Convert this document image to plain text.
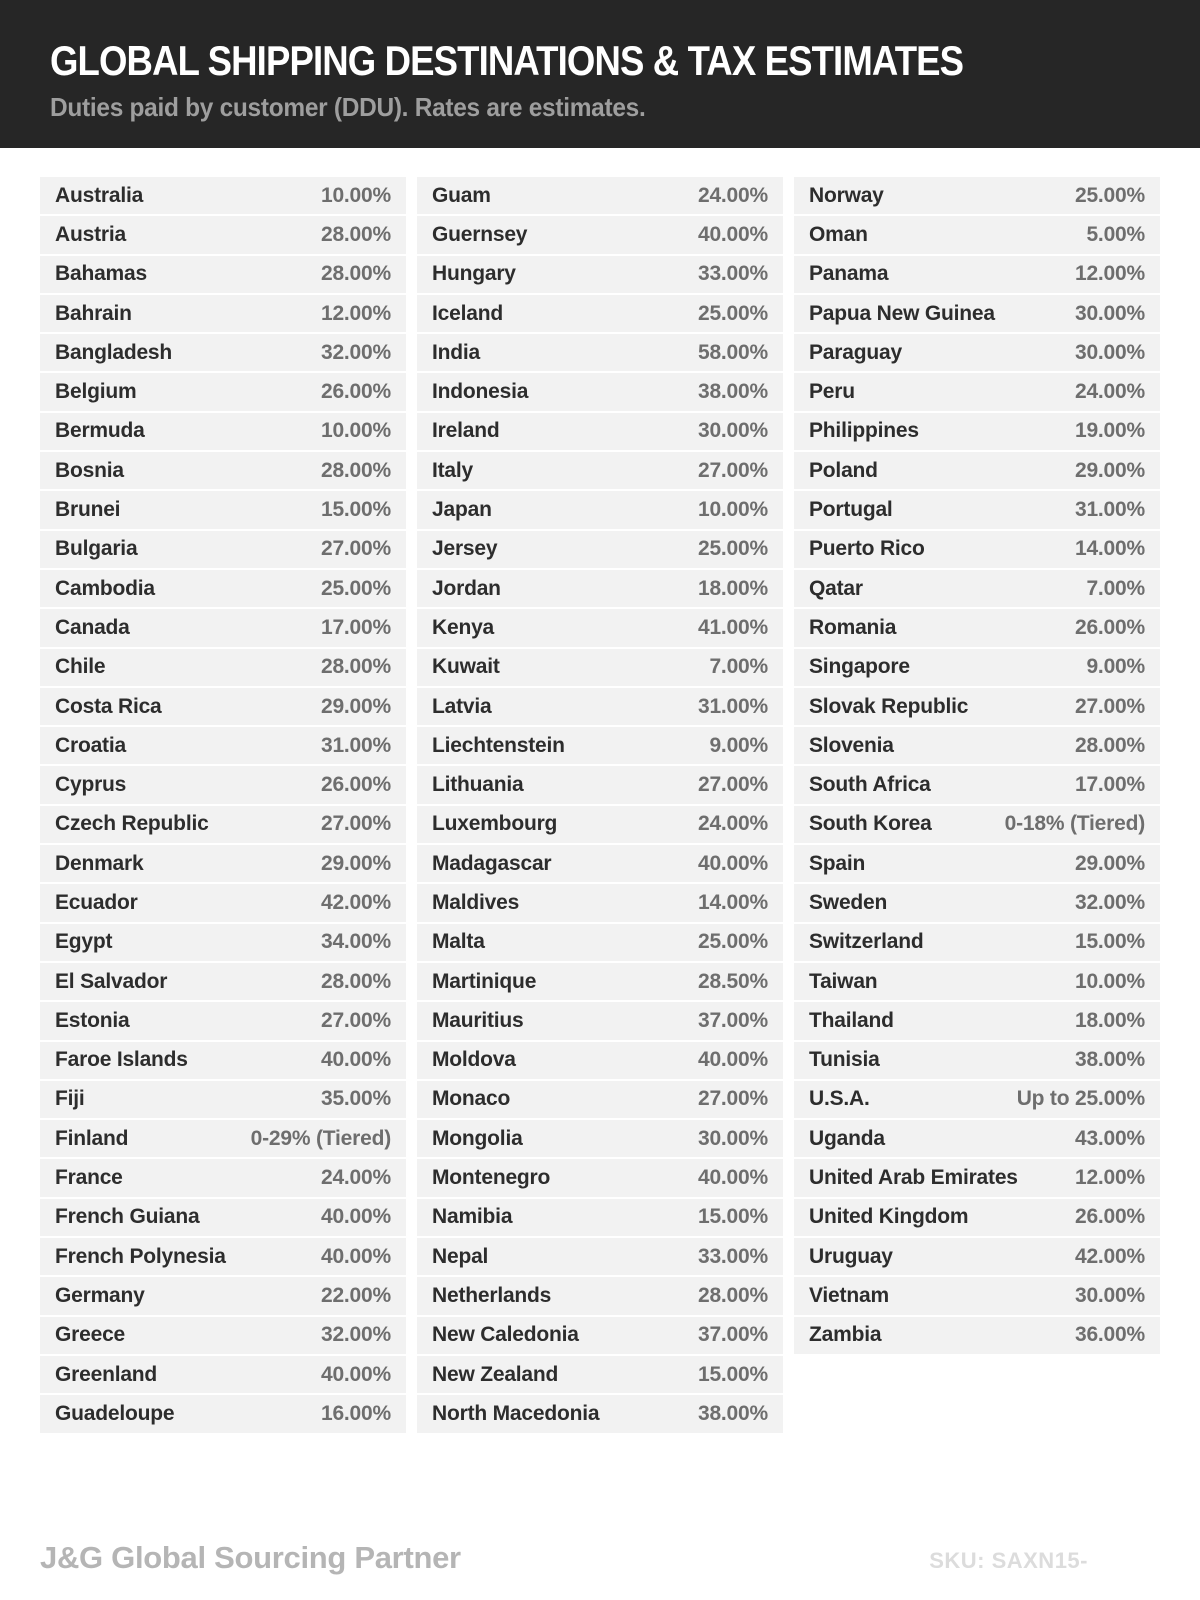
GLOBAL SHIPPING DESTINATIONS & TAX ESTIMATES
Duties paid by customer (DDU). Rates are estimates.
Australia	10.00%
Austria	28.00%
Bahamas	28.00%
Bahrain	12.00%
Bangladesh	32.00%
Belgium	26.00%
Bermuda	10.00%
Bosnia	28.00%
Brunei	15.00%
Bulgaria	27.00%
Cambodia	25.00%
Canada	17.00%
Chile	28.00%
Costa Rica	29.00%
Croatia	31.00%
Cyprus	26.00%
Czech Republic	27.00%
Denmark	29.00%
Ecuador	42.00%
Egypt	34.00%
El Salvador	28.00%
Estonia	27.00%
Faroe Islands	40.00%
Fiji	35.00%
Finland	0-29% (Tiered)
France	24.00%
French Guiana	40.00%
French Polynesia	40.00%
Germany	22.00%
Greece	32.00%
Greenland	40.00%
Guadeloupe	16.00%
Guam	24.00%
Guernsey	40.00%
Hungary	33.00%
Iceland	25.00%
India	58.00%
Indonesia	38.00%
Ireland	30.00%
Italy	27.00%
Japan	10.00%
Jersey	25.00%
Jordan	18.00%
Kenya	41.00%
Kuwait	7.00%
Latvia	31.00%
Liechtenstein	9.00%
Lithuania	27.00%
Luxembourg	24.00%
Madagascar	40.00%
Maldives	14.00%
Malta	25.00%
Martinique	28.50%
Mauritius	37.00%
Moldova	40.00%
Monaco	27.00%
Mongolia	30.00%
Montenegro	40.00%
Namibia	15.00%
Nepal	33.00%
Netherlands	28.00%
New Caledonia	37.00%
New Zealand	15.00%
North Macedonia	38.00%
Norway	25.00%
Oman	5.00%
Panama	12.00%
Papua New Guinea	30.00%
Paraguay	30.00%
Peru	24.00%
Philippines	19.00%
Poland	29.00%
Portugal	31.00%
Puerto Rico	14.00%
Qatar	7.00%
Romania	26.00%
Singapore	9.00%
Slovak Republic	27.00%
Slovenia	28.00%
South Africa	17.00%
South Korea	0-18% (Tiered)
Spain	29.00%
Sweden	32.00%
Switzerland	15.00%
Taiwan	10.00%
Thailand	18.00%
Tunisia	38.00%
U.S.A.	Up to 25.00%
Uganda	43.00%
United Arab Emirates	12.00%
United Kingdom	26.00%
Uruguay	42.00%
Vietnam	30.00%
Zambia	36.00%
J&G Global Sourcing Partner	SKU: SAXN15-
